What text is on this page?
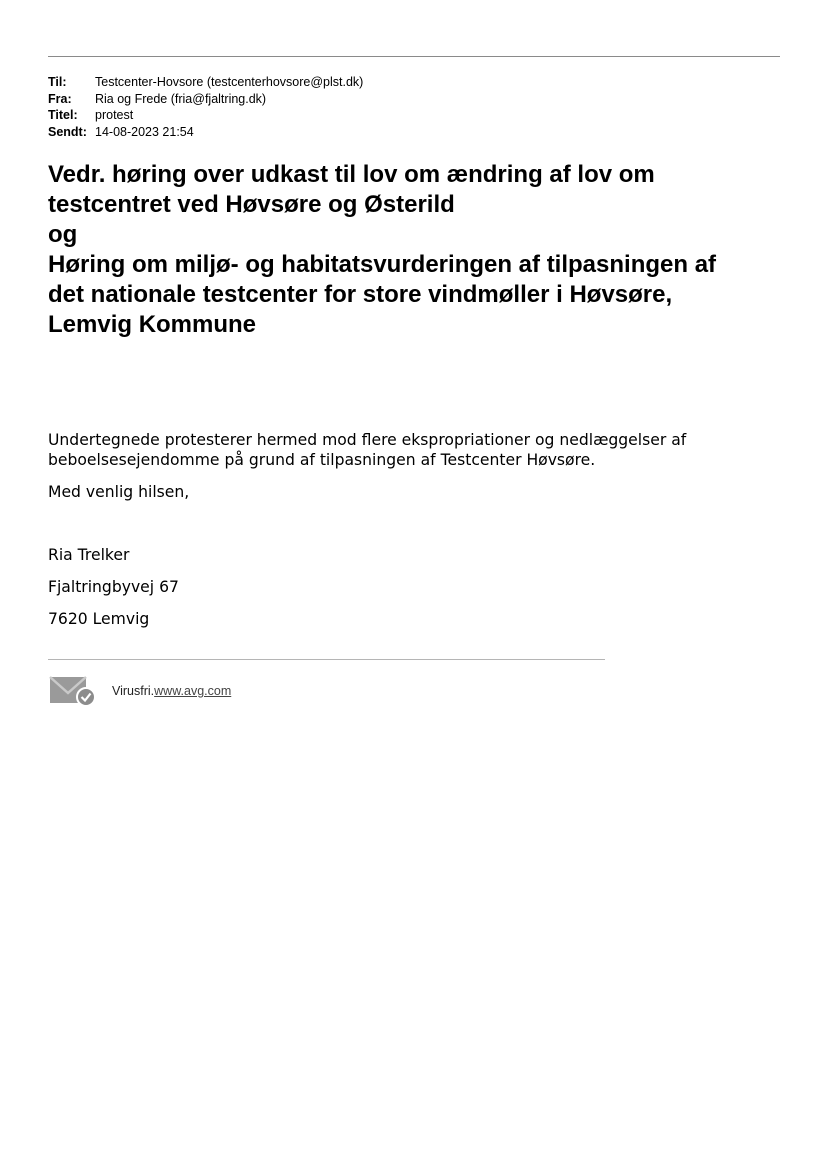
Til:	Testcenter-Hovsore (testcenterhovsore@plst.dk)
Fra:	Ria og Frede (fria@fjaltring.dk)
Titel:	protest
Sendt: 14-08-2023 21:54
Vedr. høring over udkast til lov om ændring af lov om
testcentret ved Høvsøre og Østerild
og
Høring om miljø- og habitatsvurderingen af tilpasningen af
det nationale testcenter for store vindmøller i Høvsøre,
Lemvig Kommune

Undertegnede protesterer hermed mod flere ekspropriationer og nedlæggelser af

beboelsesejendomme på grund af tilpasningen af Testcenter Høvsøre.

Med venlig hilsen,
Ria Trelker
Fjaltringbyvej 67
7620 Lemvig
Virusfri.www.avg.com
